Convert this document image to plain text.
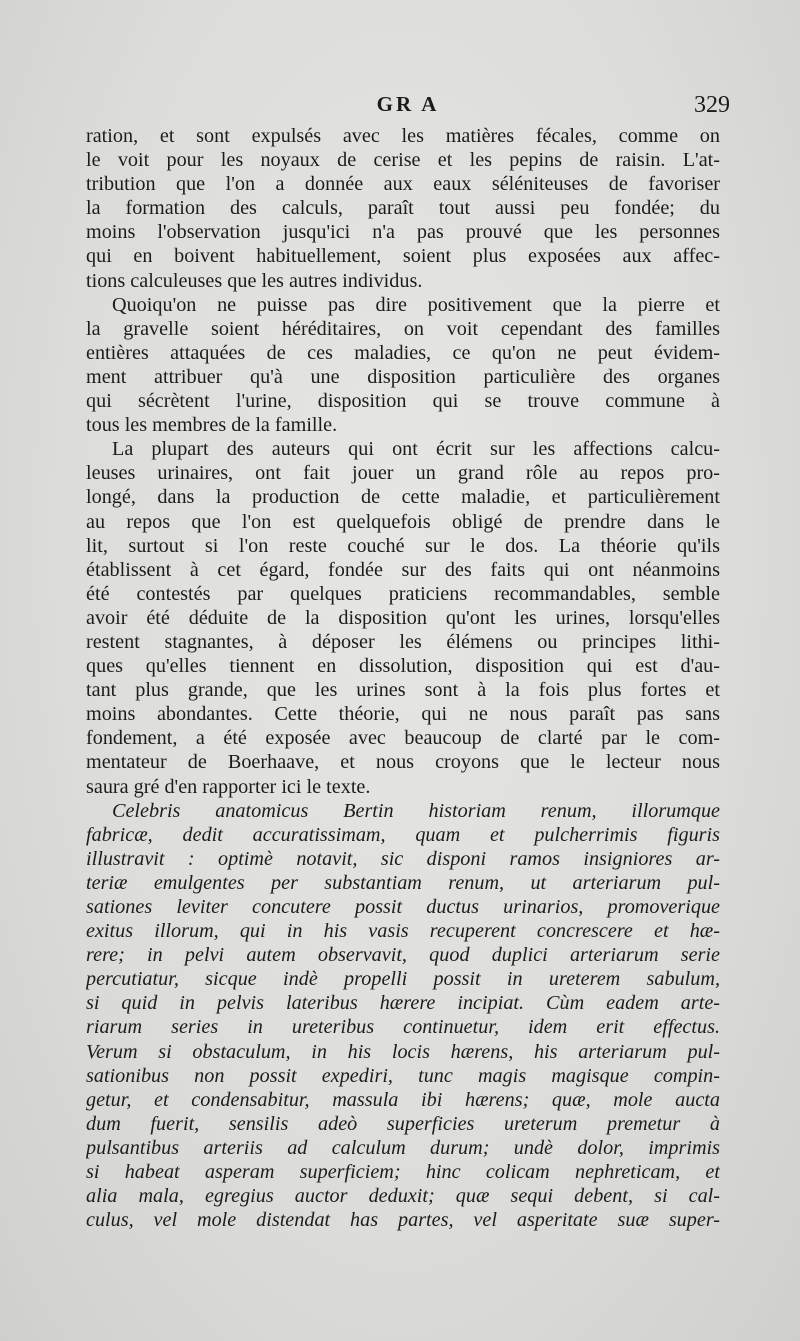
GR A	329
ration, et sont expulsés avec les matières fécales, comme on
le voit pour les noyaux de cerise et les pepins de raisin. L'at-
tribution que l'on a donnée aux eaux séléniteuses de favoriser
la formation des calculs, paraît tout aussi peu fondée; du
moins l'observation jusqu'ici n'a pas prouvé que les personnes
qui en boivent habituellement, soient plus exposées aux affec-
tions calculeuses que les autres individus.
Quoiqu'on ne puisse pas dire positivement que la pierre et
la gravelle soient héréditaires, on voit cependant des familles
entières attaquées de ces maladies, ce qu'on ne peut évidem-
ment attribuer qu'à une disposition particulière des organes
qui sécrètent l'urine, disposition qui se trouve commune à
tous les membres de la famille.
La plupart des auteurs qui ont écrit sur les affections calcu-
leuses urinaires, ont fait jouer un grand rôle au repos pro-
longé, dans la production de cette maladie, et particulièrement
au repos que l'on est quelquefois obligé de prendre dans le
lit, surtout si l'on reste couché sur le dos. La théorie qu'ils
établissent à cet égard, fondée sur des faits qui ont néanmoins
été contestés par quelques praticiens recommandables, semble
avoir été déduite de la disposition qu'ont les urines, lorsqu'elles
restent stagnantes, à déposer les élémens ou principes lithi-
ques qu'elles tiennent en dissolution, disposition qui est d'au-
tant plus grande, que les urines sont à la fois plus fortes et
moins abondantes. Cette théorie, qui ne nous paraît pas sans
fondement, a été exposée avec beaucoup de clarté par le com-
mentateur de Boerhaave, et nous croyons que le lecteur nous
saura gré d'en rapporter ici le texte.
Celebris anatomicus Bertin historiam renum, illorumque
fabricæ, dedit accuratissimam, quam et pulcherrimis figuris
illustravit : optimè notavit, sic disponi ramos insigniores ar-
teriæ emulgentes per substantiam renum, ut arteriarum pul-
sationes leviter concutere possit ductus urinarios, promoverique
exitus illorum, qui in his vasis recuperent concrescere et hæ-
rere; in pelvi autem observavit, quod duplici arteriarum serie
percutiatur, sicque indè propelli possit in ureterem sabulum,
si quid in pelvis lateribus hærere incipiat. Cùm eadem arte-
riarum series in ureteribus continuetur, idem erit effectus.
Verum si obstaculum, in his locis hærens, his arteriarum pul-
sationibus non possit expediri, tunc magis magisque compin-
getur, et condensabitur, massula ibi hærens; quæ, mole aucta
dum fuerit, sensilis adeò superficies ureterum premetur à
pulsantibus arteriis ad calculum durum; undè dolor, imprimis
si habeat asperam superficiem; hinc colicam nephreticam, et
alia mala, egregius auctor deduxit; quæ sequi debent, si cal-
culus, vel mole distendat has partes, vel asperitate suæ super-
